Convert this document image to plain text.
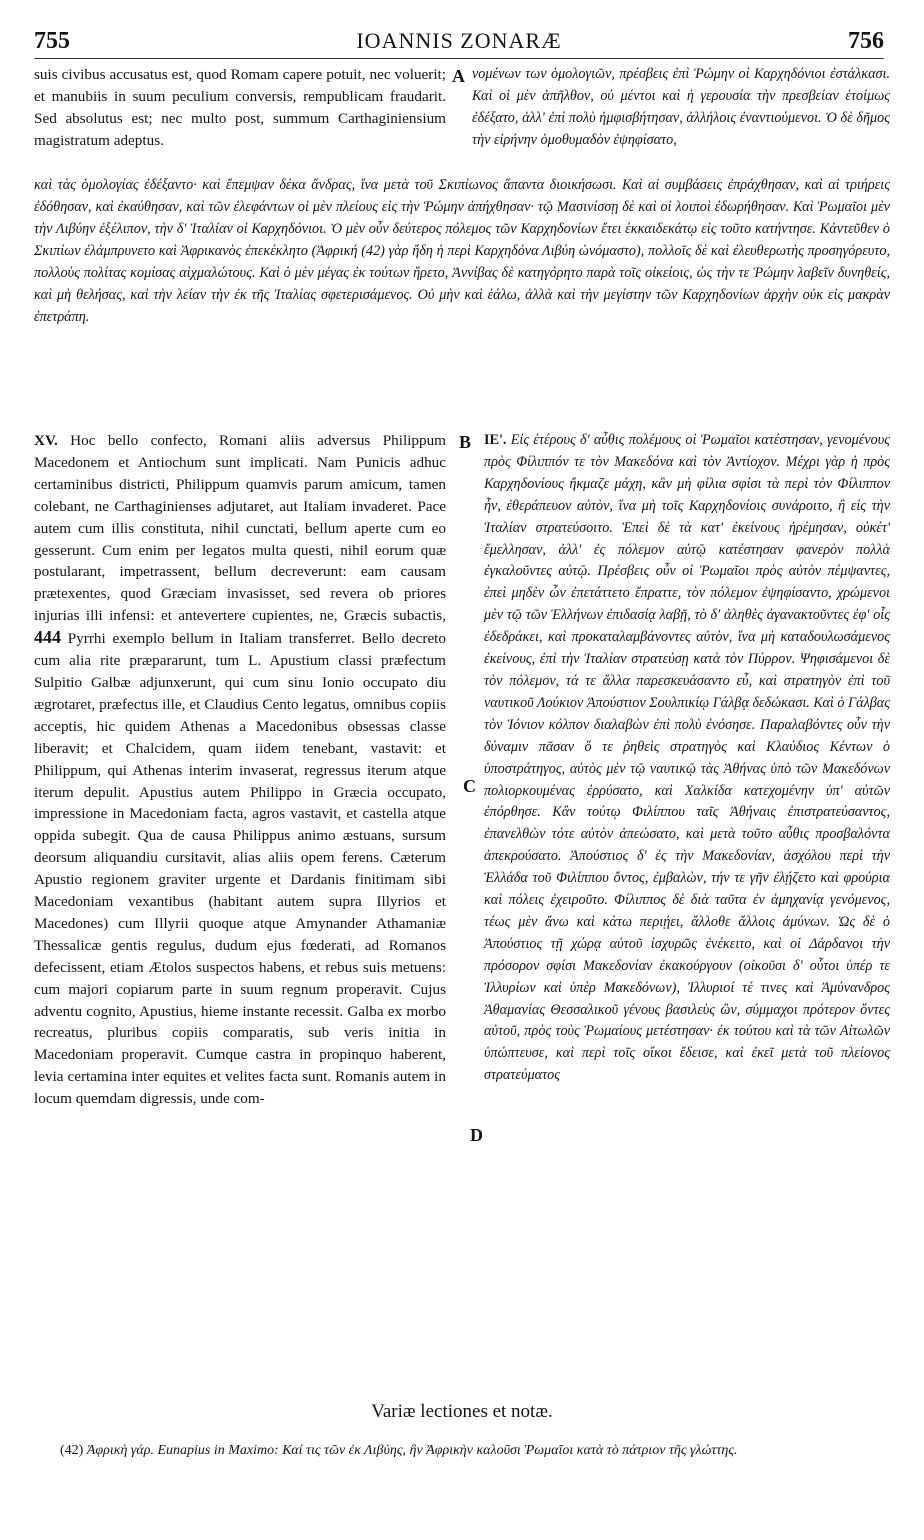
755	IOANNIS ZONARÆ	756
suis civibus accusatus est, quod Romam capere potuit, nec voluerit; et manubiis in suum peculium conversis, rempublicam fraudarit. Sed absolutus est; nec multo post, summum Carthaginiensium magistratum adeptus.
A νομένων των ὁμολογιῶν, πρέσβεις ἐπὶ Ῥώμην οἱ Καρχηδόνιοι ἐστάλκασι. Καὶ οἱ μὲν ἀπῆλθον, οὐ μέντοι καὶ ἡ γερουσία τὴν πρεσβείαν ἑτοίμως ἐδέξατο, ἀλλ' ἐπὶ πολὺ ἠμφισβήτησαν, ἀλλήλοις ἐναντιούμενοι. Ὁ δὲ δῆμος τὴν εἰρήνην ὁμοθυμαδὸν ἐψηφίσατο,
καὶ τὰς ὁμολογίας ἐδέξαντο· καὶ ἔπεμψαν δέκα ἄνδρας, ἵνα μετὰ τοῦ Σκιπίωνος ἅπαντα διοικήσωσι. Καὶ αἱ συμβάσεις ἐπράχθησαν, καὶ αἱ τριήρεις ἐδόθησαν, καὶ ἐκαύθησαν, καὶ τῶν ἐλεφάντων οἱ μὲν πλείους εἰς τὴν Ῥώμην ἀπήχθησαν· τῷ Μασινίσσῃ δὲ καὶ οἱ λοιποὶ ἐδωρήθησαν. Καὶ Ῥωμαῖοι μὲν τὴν Λιβύην ἐξέλιπον, τὴν δ' Ἰταλίαν οἱ Καρχηδόνιοι. Ὁ μὲν οὖν δεύτερος πόλεμος τῶν Καρχηδονίων ἔτει ἑκκαιδεκάτῳ εἰς τοῦτο κατήντησε. Κἀντεῦθεν ὁ Σκιπίων ἐλάμπρυνετο καὶ Ἀφρικανὸς ἐπεκέκλητο (Ἀφρική (42) γὰρ ἤδη ἡ περὶ Καρχηδόνα Λιβύη ὠνόμαστο), πολλοῖς δὲ καὶ ἐλευθερωτὴς προσηγόρευτο, πολλοὺς πολίτας κομίσας αἰχμαλώτους. Καὶ ὁ μὲν μέγας ἐκ τούτων ἤρετο, Ἀννίβας δὲ κατηγόρητο παρὰ τοῖς οἰκείοις, ὡς τὴν τε Ῥώμην λαβεῖν δυνηθείς, καὶ μὴ θελήσας, καὶ τὴν λείαν τὴν ἐκ τῆς Ἰταλίας σφετερισάμενος. Οὐ μὴν καὶ ἑάλω, ἀλλὰ καὶ τὴν μεγίστην τῶν Καρχηδονίων ἀρχὴν οὐκ εἰς μακρὰν ἐπετράπη.
XV. Hoc bello confecto, Romani aliis adversus Philippum Macedonem et Antiochum sunt implicati. Nam Punicis adhuc certaminibus districti, Philippum quamvis parum amicum, tamen colebant, ne Carthaginienses adjutaret, aut Italiam invaderet. Pace autem cum illis constituta, nihil cunctati, bellum aperte cum eo gesserunt. Cum enim per legatos multa questi, nihil eorum quæ postularant, impetrassent, bellum decreverunt: eam causam prætexentes, quod Græciam invasisset, sed revera ob priores injurias illi infensi: et anteverterе cupientes, ne, Græcis subactis, 444 Pyrrhi exemplo bellum in Italiam transferret. Bello decreto cum alia rite præpararunt, tum L. Apustium classi præfectum Sulpitio Galbæ adjunxerunt, qui cum sinu Ionio occupato diu ægrotaret, præfectus ille, et Claudius Cento legatus, omnibus copiis acceptis, hic quidem Athenas a Macedonibus obsessas classe liberavit; et Chalcidem, quam iidem tenebant, vastavit: et Philippum, qui Athenas interim invaserat, regressus iterum atque iterum depulit. Apustius autem Philippo in Græcia occupato, impressione in Macedoniam facta, agros vastavit, et castella atque oppida subegit. Qua de causa Philippus animo æstuans, sursum deorsum aliquandiu cursitavit, alias aliis opem ferens. Cæterum Apustio regionem graviter urgente et Dardanis finitimam sibi Macedoniam vexantibus (habitant autem supra Illyrios et Macedones) cum Illyrii quoque atque Amynander Athamaniæ Thessalicæ gentis regulus, dudum ejus fœderati, ad Romanos defecissent, etiam Ætolos suspectos habens, et rebus suis metuens: cum majori copiarum parte in suum regnum properavit. Cujus adventu cognito, Apustius, hieme instante recessit. Galba ex morbo recreatus, pluribus copiis comparatis, sub veris initia in Macedoniam properavit. Cumque castra in propinquo haberent, levia certamina inter equites et velites facta sunt. Romanis autem in locum quemdam digressis, unde com-
B
C
D
ΙΕ'. Εἰς ἑτέρους δ' αὖθις πολέμους οἱ Ῥωμαῖοι κατέστησαν, γενομένους πρὸς Φίλιππόν τε τὸν Μακεδόνα καὶ τὸν Ἀντίοχον. Μέχρι γὰρ ἡ πρὸς Καρχηδονίους ἤκμαζε μάχη, κἂν μὴ φίλια σφίσι τὰ περὶ τὸν Φίλιππον ἦν, ἐθεράπευον αὐτὸν, ἵνα μὴ τοῖς Καρχηδονίοις συνάροιτο, ἢ εἰς τὴν Ἰταλίαν στρατεύσοιτο. Ἐπεὶ δὲ τὰ κατ' ἐκείνους ἠρέμησαν, οὐκέτ' ἔμελλησαν, ἀλλ' ἐς πόλεμον αὐτῷ κατέστησαν φανερὸν πολλὰ ἐγκαλοῦντες αὐτῷ. Πρέσβεις οὖν οἱ Ῥωμαῖοι πρὸς αὐτὸν πέμψαντες, ἐπεὶ μηδὲν ὧν ἐπετάττετο ἔπραττε, τὸν πόλεμον ἐψηφίσαντο, χρώμενοι μὲν τῷ τῶν Ἑλλήνων ἐπιδασίᾳ λαβῇ, τὸ δ' ἀληθὲς ἀγανακτοῦντες ἐφ' οἷς ἐδεδράκει, καὶ προκαταλαμβάνοντες αὐτὸν, ἵνα μὴ καταδουλωσάμενος ἐκείνους, ἐπὶ τὴν Ἰταλίαν στρατεύσῃ κατὰ τὸν Πύρρον. Ψηφισάμενοι δὲ τὸν πόλεμον, τά τε ἄλλα παρεσκευάσαντο εὖ, καὶ στρατηγὸν ἐπὶ τοῦ ναυτικοῦ Λούκιον Ἀπούστιον Σουλπικίῳ Γάλβᾳ δεδώκασι. Καὶ ὁ Γάλβας τὸν Ἰόνιον κόλπον διαλαβὼν ἐπὶ πολὺ ἐνόσησε. Παραλαβόντες οὖν τὴν δύναμιν πᾶσαν ὅ τε ῥηθεὶς στρατηγὸς καὶ Κλαύδιος Κέντων ὁ ὑποστράτηγος, αὐτὸς μὲν τῷ ναυτικῷ τὰς Ἀθήνας ὑπὸ τῶν Μακεδόνων πολιορκουμένας ἐρρύσατο, καὶ Χαλκίδα κατεχομένην ὑπ' αὐτῶν ἐπόρθησε. Κἂν τούτῳ Φιλίππου ταῖς Ἀθήναις ἐπιστρατεύσαντος, ἐπανελθὼν τότε αὐτὸν ἀπεώσατο, καὶ μετὰ τοῦτο αὖθις προσβαλόντα ἀπεκρούσατο. Ἀπούστιος δ' ἐς τὴν Μακεδονίαν, ἀσχόλου περὶ τὴν Ἑλλάδα τοῦ Φιλίππου ὄντος, ἐμβαλὼν, τήν τε γῆν ἐλῄζετο καὶ φρούρια καὶ πόλεις ἐχειροῦτο. Φίλιππος δὲ διὰ ταῦτα ἐν ἀμηχανίᾳ γενόμενος, τέως μὲν ἄνω καὶ κάτω περιῄει, ἄλλοθε ἄλλοις ἀμύνων. Ὡς δὲ ὁ Ἀπούστιος τῇ χώρᾳ αὐτοῦ ἰσχυρῶς ἐνέκειτο, καὶ οἱ Δάρδανοι τὴν πρόσορον σφίσι Μακεδονίαν ἐκακούργουν (οἰκοῦσι δ' οὗτοι ὑπέρ τε Ἰλλυρίων καὶ ὑπὲρ Μακεδόνων), Ἰλλυριοί τέ τινες καὶ Ἀμύνανδρος Ἀθαμανίας Θεσσαλικοῦ γένους βασιλεὺς ὢν, σύμμαχοι πρότερον ὄντες αὐτοῦ, πρὸς τοὺς Ῥωμαίους μετέστησαν· ἐκ τούτου καὶ τὰ τῶν Αἰτωλῶν ὑπώπτευσε, καὶ περὶ τοῖς οἴκοι ἔδεισε, καὶ ἐκεῖ μετὰ τοῦ πλείονος στρατεύματος
Variæ lectiones et notæ.
(42) Ἀφρικὴ γάρ. Eunapius in Maximo: Καί τις τῶν ἐκ Λιβύης, ἣν Ἀφρικὴν καλοῦσι Ῥωμαῖοι κατὰ τὸ πάτριον τῆς γλώττης.
